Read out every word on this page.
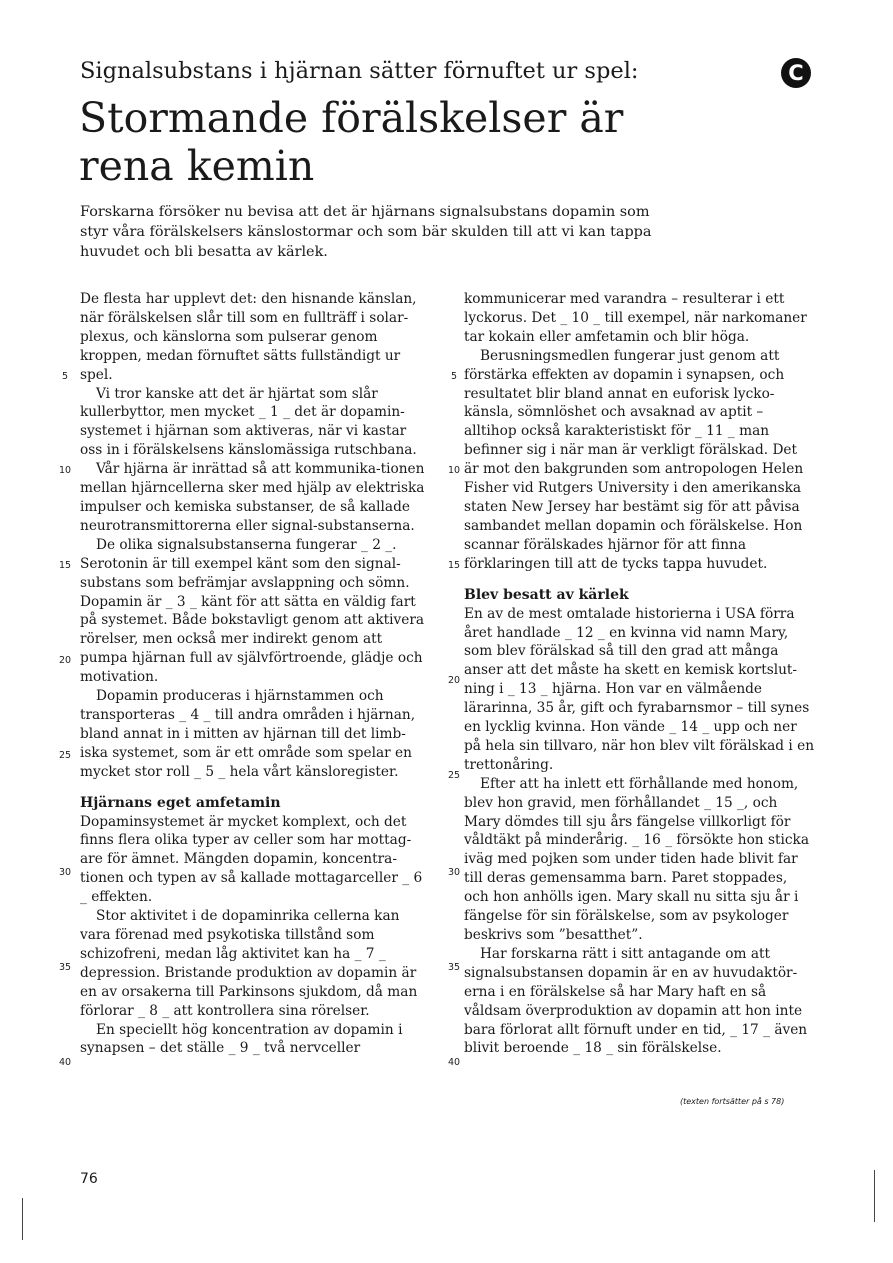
Signalsubstans i hjärnan sätter förnuftet ur spel:
Stormande förälskelser är
rena kemin
C
Forskarna försöker nu bevisa att det är hjärnans signalsubstans dopamin som styr våra förälskelsers känslostormar och som bär skulden till att vi kan tappa huvudet och bli besatta av kärlek.

De flesta har upplevt det: den hisnande känslan, när förälskelsen slår till som en fullträff i solar-plexus, och känslorna som pulserar genom kroppen, medan förnuftet sätts fullständigt ur spel.

Vi tror kanske att det är hjärtat som slår kullerbyttor, men mycket _ 1 _ det är dopamin-systemet i hjärnan som aktiveras, när vi kastar oss in i förälskelsens känslomässiga rutschbana.

Vår hjärna är inrättad så att kommunika-tionen mellan hjärncellerna sker med hjälp av elektriska impulser och kemiska substanser, de så kallade neurotransmittorerna eller signal-substanserna.

De olika signalsubstanserna fungerar _ 2 _. Serotonin är till exempel känt som den signal-substans som befrämjar avslappning och sömn. Dopamin är _ 3 _ känt för att sätta en väldig fart på systemet. Både bokstavligt genom att aktivera rörelser, men också mer indirekt genom att pumpa hjärnan full av självförtroende, glädje och motivation.

Dopamin produceras i hjärnstammen och transporteras _ 4 _ till andra områden i hjärnan, bland annat in i mitten av hjärnan till det limb-iska systemet, som är ett område som spelar en mycket stor roll _ 5 _ hela vårt känsloregister.

Hjärnans eget amfetamin

Dopaminsystemet är mycket komplext, och det finns flera olika typer av celler som har mottag-are för ämnet. Mängden dopamin, koncentra-tionen och typen av så kallade mottagarceller _ 6 _ effekten.

Stor aktivitet i de dopaminrika cellerna kan vara förenad med psykotiska tillstånd som schizofreni, medan låg aktivitet kan ha _ 7 _ depression. Bristande produktion av dopamin är en av orsakerna till Parkinsons sjukdom, då man förlorar _ 8 _ att kontrollera sina rörelser.

En speciellt hög koncentration av dopamin i synapsen – det ställe _ 9 _ två nervceller

kommunicerar med varandra – resulterar i ett lyckorus. Det _ 10 _ till exempel, när narkomaner tar kokain eller amfetamin och blir höga.

Berusningsmedlen fungerar just genom att förstärka effekten av dopamin i synapsen, och resultatet blir bland annat en euforisk lycko-känsla, sömnlöshet och avsaknad av aptit – alltihop också karakteristiskt för _ 11 _ man befinner sig i när man är verkligt förälskad. Det är mot den bakgrunden som antropologen Helen Fisher vid Rutgers University i den amerikanska staten New Jersey har bestämt sig för att påvisa sambandet mellan dopamin och förälskelse. Hon scannar förälskades hjärnor för att finna förklaringen till att de tycks tappa huvudet.

Blev besatt av kärlek

En av de mest omtalade historierna i USA förra året handlade _ 12 _ en kvinna vid namn Mary, som blev förälskad så till den grad att många anser att det måste ha skett en kemisk kortslut-ning i _ 13 _ hjärna. Hon var en välmående lärarinna, 35 år, gift och fyrabarnsmor – till synes en lycklig kvinna. Hon vände _ 14 _ upp och ner på hela sin tillvaro, när hon blev vilt förälskad i en trettonåring.

Efter att ha inlett ett förhållande med honom, blev hon gravid, men förhållandet _ 15 _, och Mary dömdes till sju års fängelse villkorligt för våldtäkt på minderårig. _ 16 _ försökte hon sticka iväg med pojken som under tiden hade blivit far till deras gemensamma barn. Paret stoppades, och hon anhölls igen. Mary skall nu sitta sju år i fängelse för sin förälskelse, som av psykologer beskrivs som ”besatthet”.

Har forskarna rätt i sitt antagande om att signalsubstansen dopamin är en av huvudaktör-erna i en förälskelse så har Mary haft en så våldsam överproduktion av dopamin att hon inte bara förlorat allt förnuft under en tid, _ 17 _ även blivit beroende _ 18 _ sin förälskelse.

5
10
15
20
25
30
35
40
5
10
15
20
25
30
35
40
(texten fortsätter på s 78)
76
